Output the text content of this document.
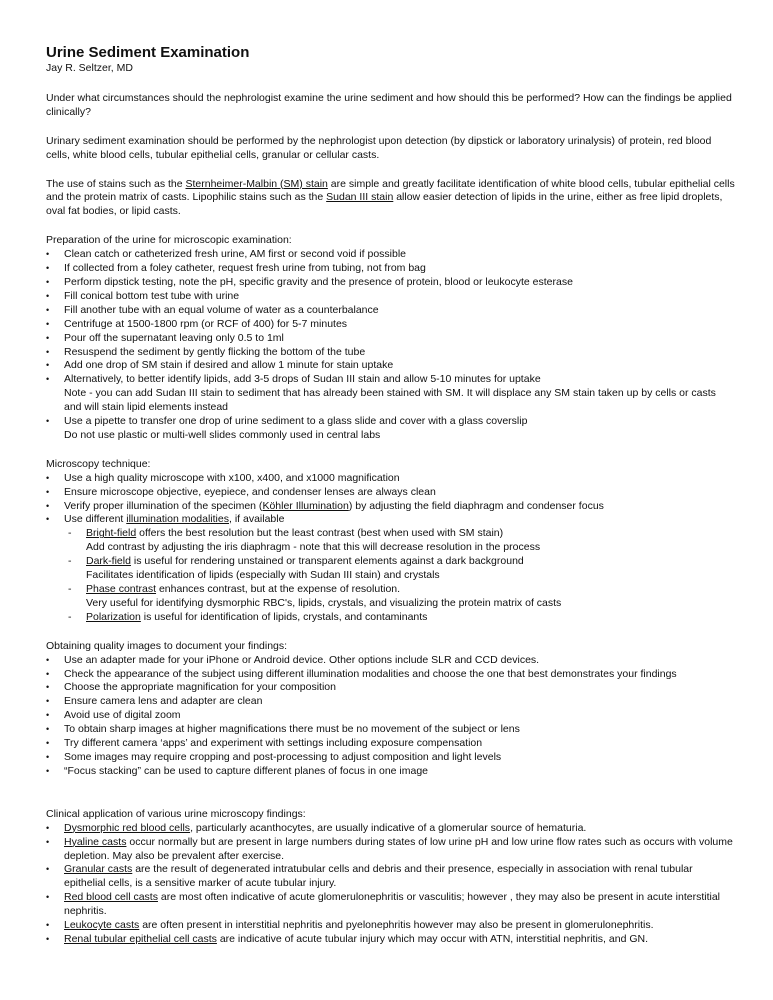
Urine Sediment Examination
Jay R. Seltzer, MD

Under what circumstances should the nephrologist examine the urine sediment and how should this be performed? How can the findings be applied clinically?

Urinary sediment examination should be performed by the nephrologist upon detection (by dipstick or laboratory urinalysis) of protein, red blood cells, white blood cells, tubular epithelial cells, granular or cellular casts.

The use of stains such as the Sternheimer-Malbin (SM) stain are simple and greatly facilitate identification of white blood cells, tubular epithelial cells and the protein matrix of casts. Lipophilic stains such as the Sudan III stain allow easier detection of lipids in the urine, either as free lipid droplets, oval fat bodies, or lipid casts.

Preparation of the urine for microscopic examination:
• Clean catch or catheterized fresh urine, AM first or second void if possible
• If collected from a foley catheter, request fresh urine from tubing, not from bag
• Perform dipstick testing, note the pH, specific gravity and the presence of protein, blood or leukocyte esterase
• Fill conical bottom test tube with urine
• Fill another tube with an equal volume of water as a counterbalance
• Centrifuge at 1500-1800 rpm (or RCF of 400) for 5-7 minutes
• Pour off the supernatant leaving only 0.5 to 1ml
• Resuspend the sediment by gently flicking the bottom of the tube
• Add one drop of SM stain if desired and allow 1 minute for stain uptake
• Alternatively, to better identify lipids, add 3-5 drops of Sudan III stain and allow 5-10 minutes for uptake
Note - you can add Sudan III stain to sediment that has already been stained with SM. It will displace any SM stain taken up by cells or casts and will stain lipid elements instead
• Use a pipette to transfer one drop of urine sediment to a glass slide and cover with a glass coverslip
Do not use plastic or multi-well slides commonly used in central labs
Microscopy technique:
• Use a high quality microscope with x100, x400, and x1000 magnification
• Ensure microscope objective, eyepiece, and condenser lenses are always clean
• Verify proper illumination of the specimen (Köhler Illumination) by adjusting the field diaphragm and condenser focus
• Use different illumination modalities, if available
- Bright-field offers the best resolution but the least contrast (best when used with SM stain)
Add contrast by adjusting the iris diaphragm - note that this will decrease resolution in the process
- Dark-field is useful for rendering unstained or transparent elements against a dark background
Facilitates identification of lipids (especially with Sudan III stain) and crystals
- Phase contrast enhances contrast, but at the expense of resolution.
Very useful for identifying dysmorphic RBC's, lipids, crystals, and visualizing the protein matrix of casts
- Polarization is useful for identification of lipids, crystals, and contaminants
Obtaining quality images to document your findings:
• Use an adapter made for your iPhone or Android device. Other options include SLR and CCD devices.
• Check the appearance of the subject using different illumination modalities and choose the one that best demonstrates your findings
• Choose the appropriate magnification for your composition
• Ensure camera lens and adapter are clean
• Avoid use of digital zoom
• To obtain sharp images at higher magnifications there must be no movement of the subject or lens
• Try different camera ‘apps’ and experiment with settings including exposure compensation
• Some images may require cropping and post-processing to adjust composition and light levels
• “Focus stacking” can be used to capture different planes of focus in one image
Clinical application of various urine microscopy findings:
• Dysmorphic red blood cells, particularly acanthocytes, are usually indicative of a glomerular source of hematuria.
• Hyaline casts occur normally but are present in large numbers during states of low urine pH and low urine flow rates such as occurs with volume depletion. May also be prevalent after exercise.
• Granular casts are the result of degenerated intratubular cells and debris and their presence, especially in association with renal tubular epithelial cells, is a sensitive marker of acute tubular injury.
• Red blood cell casts are most often indicative of acute glomerulonephritis or vasculitis; however , they may also be present in acute interstitial nephritis.
• Leukocyte casts are often present in interstitial nephritis and pyelonephritis however may also be present in glomerulonephritis.
• Renal tubular epithelial cell casts are indicative of acute tubular injury which may occur with ATN, interstitial nephritis, and GN.
